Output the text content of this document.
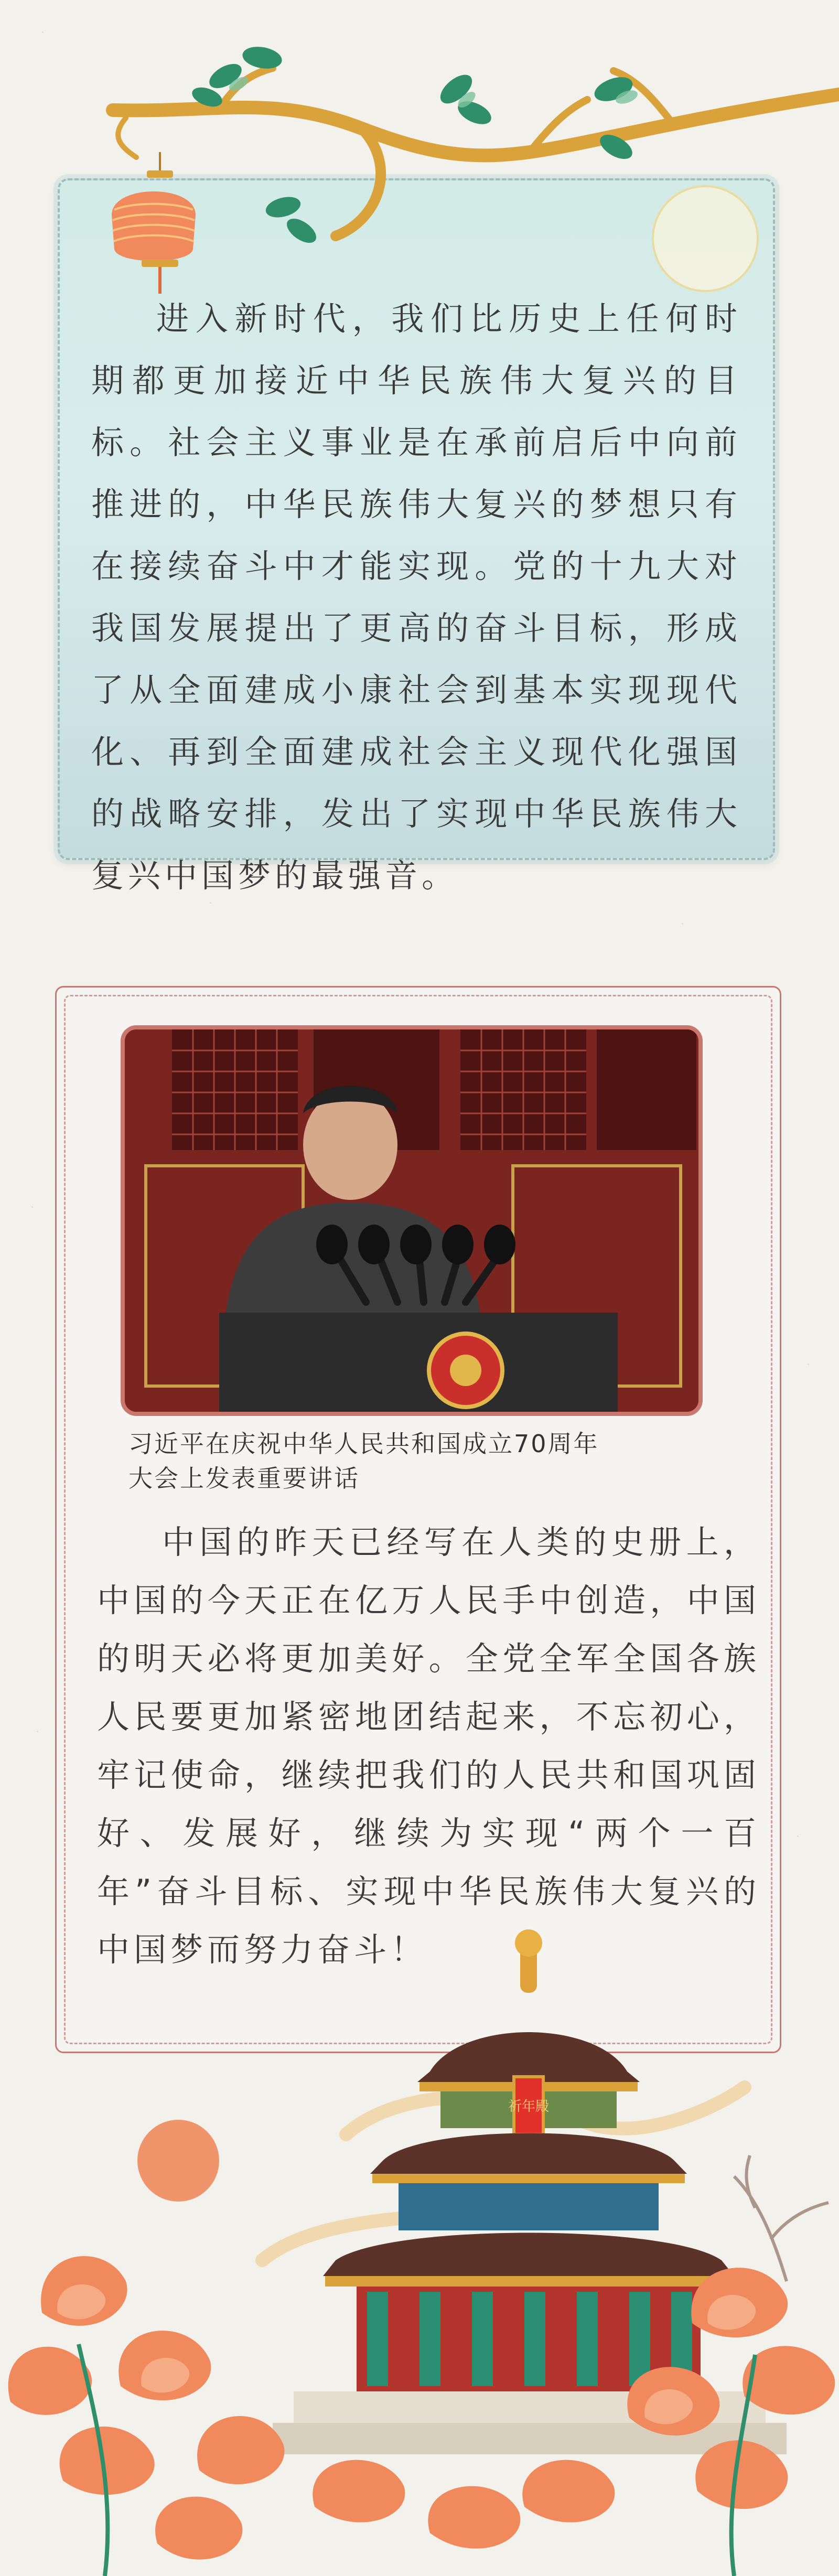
进入新时代，我们比历史上任何时期都更加接近中华民族伟大复兴的目标。社会主义事业是在承前启后中向前推进的，中华民族伟大复兴的梦想只有在接续奋斗中才能实现。党的十九大对我国发展提出了更高的奋斗目标，形成了从全面建成小康社会到基本实现现代化、再到全面建成社会主义现代化强国的战略安排，发出了实现中华民族伟大复兴中国梦的最强音。

习近平在庆祝中华人民共和国成立70周年
大会上发表重要讲话

中国的昨天已经写在人类的史册上，中国的今天正在亿万人民手中创造，中国的明天必将更加美好。全党全军全国各族人民要更加紧密地团结起来，不忘初心，牢记使命，继续把我们的人民共和国巩固好、发展好，继续为实现“两个一百年”奋斗目标、实现中华民族伟大复兴的中国梦而努力奋斗！

祈年殿
